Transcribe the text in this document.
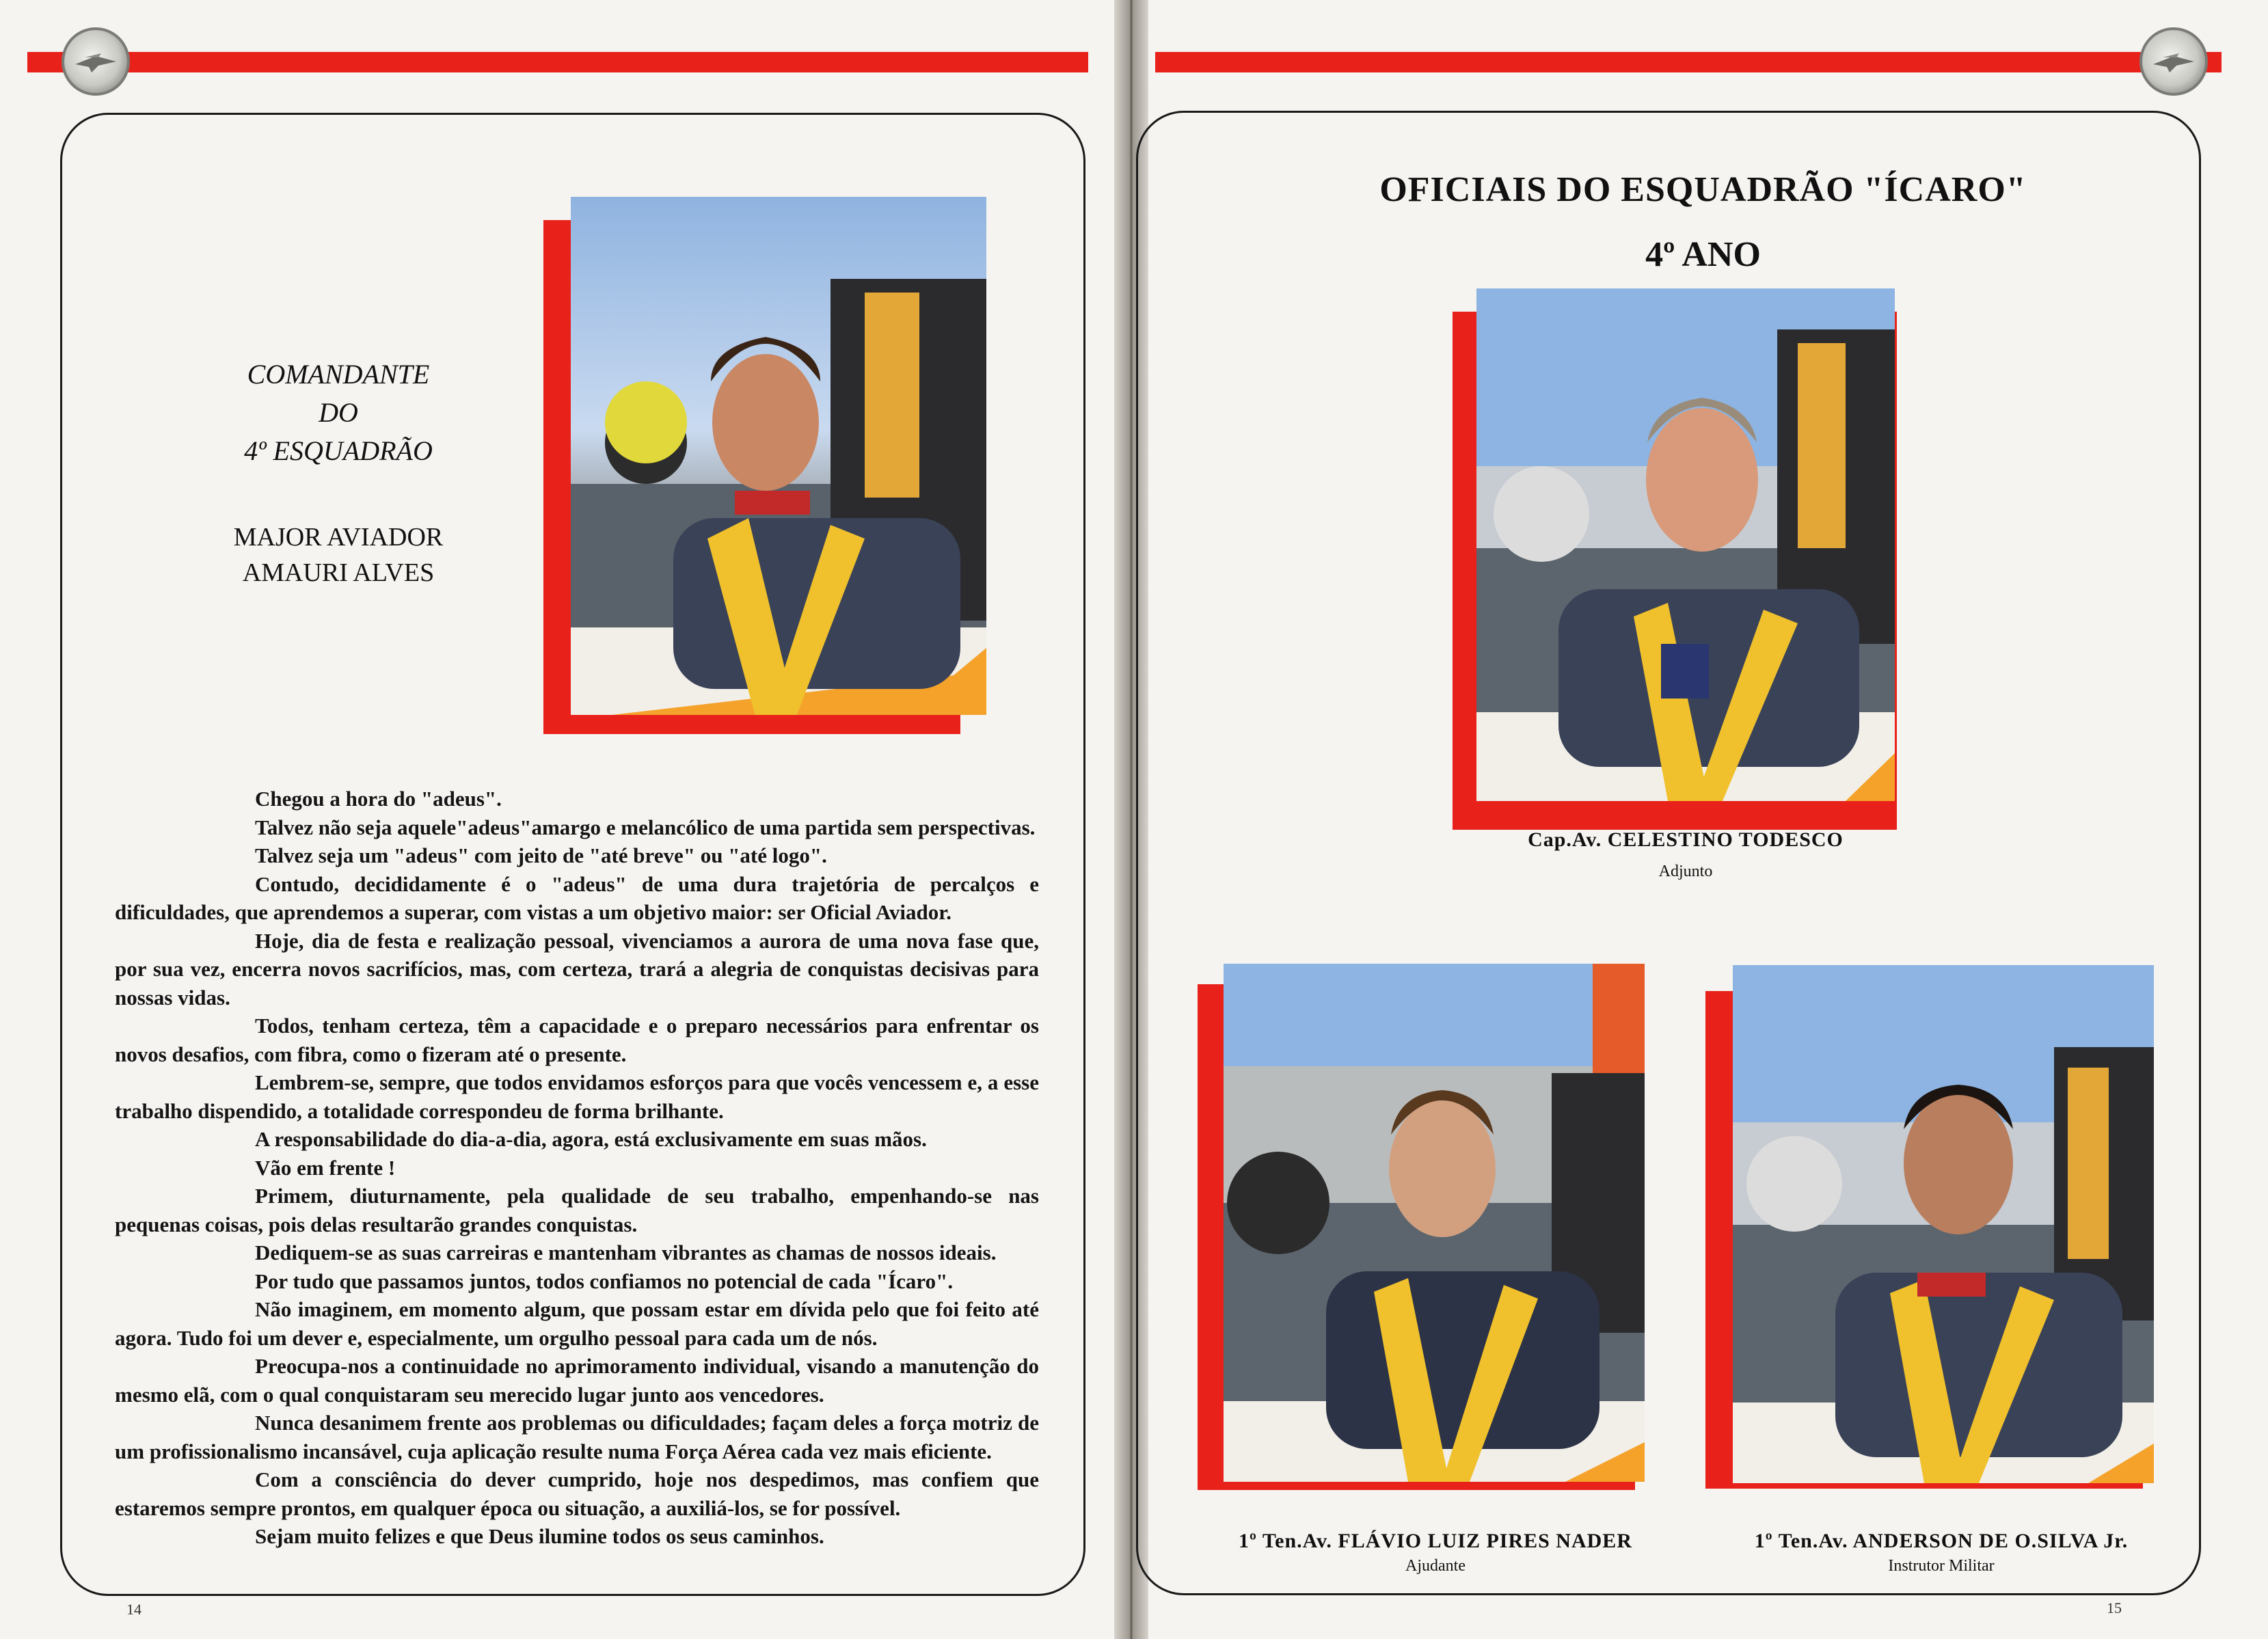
COMANDANTE
DO
4º ESQUADRÃO
MAJOR AVIADOR
AMAURI ALVES

Chegou a hora do "adeus".

Talvez não seja aquele"adeus"amargo e melancólico de uma partida sem perspectivas.

Talvez seja um "adeus" com jeito de "até breve" ou "até logo".

Contudo, decididamente é o "adeus" de uma dura trajetória de percalços e dificuldades, que aprendemos a superar, com vistas a um objetivo maior: ser Oficial Aviador.

Hoje, dia de festa e realização pessoal, vivenciamos a aurora de uma nova fase que, por sua vez, encerra novos sacrifícios, mas, com certeza, trará a alegria de conquistas decisivas para nossas vidas.

Todos, tenham certeza, têm a capacidade e o preparo necessários para enfrentar os novos desafios, com fibra, como o fizeram até o presente.

Lembrem-se, sempre, que todos envidamos esforços para que vocês vencessem e, a esse trabalho dispendido, a totalidade correspondeu de forma brilhante.

A responsabilidade do dia-a-dia, agora, está exclusivamente em suas mãos.

Vão em frente !

Primem, diuturnamente, pela qualidade de seu trabalho, empenhando-se nas pequenas coisas, pois delas resultarão grandes conquistas.

Dediquem-se as suas carreiras e mantenham vibrantes as chamas de nossos ideais.

Por tudo que passamos juntos, todos confiamos no potencial de cada "Ícaro".

Não imaginem, em momento algum, que possam estar em dívida pelo que foi feito até agora. Tudo foi um dever e, especialmente, um orgulho pessoal para cada um de nós.

Preocupa-nos a continuidade no aprimoramento individual, visando a manutenção do mesmo elã, com o qual conquistaram seu merecido lugar junto aos vencedores.

Nunca desanimem frente aos problemas ou dificuldades; façam deles a força motriz de um profissionalismo incansável, cuja aplicação resulte numa Força Aérea cada vez mais eficiente.

Com a consciência do dever cumprido, hoje nos despedimos, mas confiem que estaremos sempre prontos, em qualquer época ou situação, a auxiliá-los, se for possível.

Sejam muito felizes e que Deus ilumine todos os seus caminhos.

14
OFICIAIS DO ESQUADRÃO "ÍCARO"
4º ANO
Cap.Av. CELESTINO TODESCO
Adjunto
1º Ten.Av. FLÁVIO LUIZ PIRES NADER
Ajudante
1º Ten.Av. ANDERSON DE O.SILVA Jr.
Instrutor Militar
15
